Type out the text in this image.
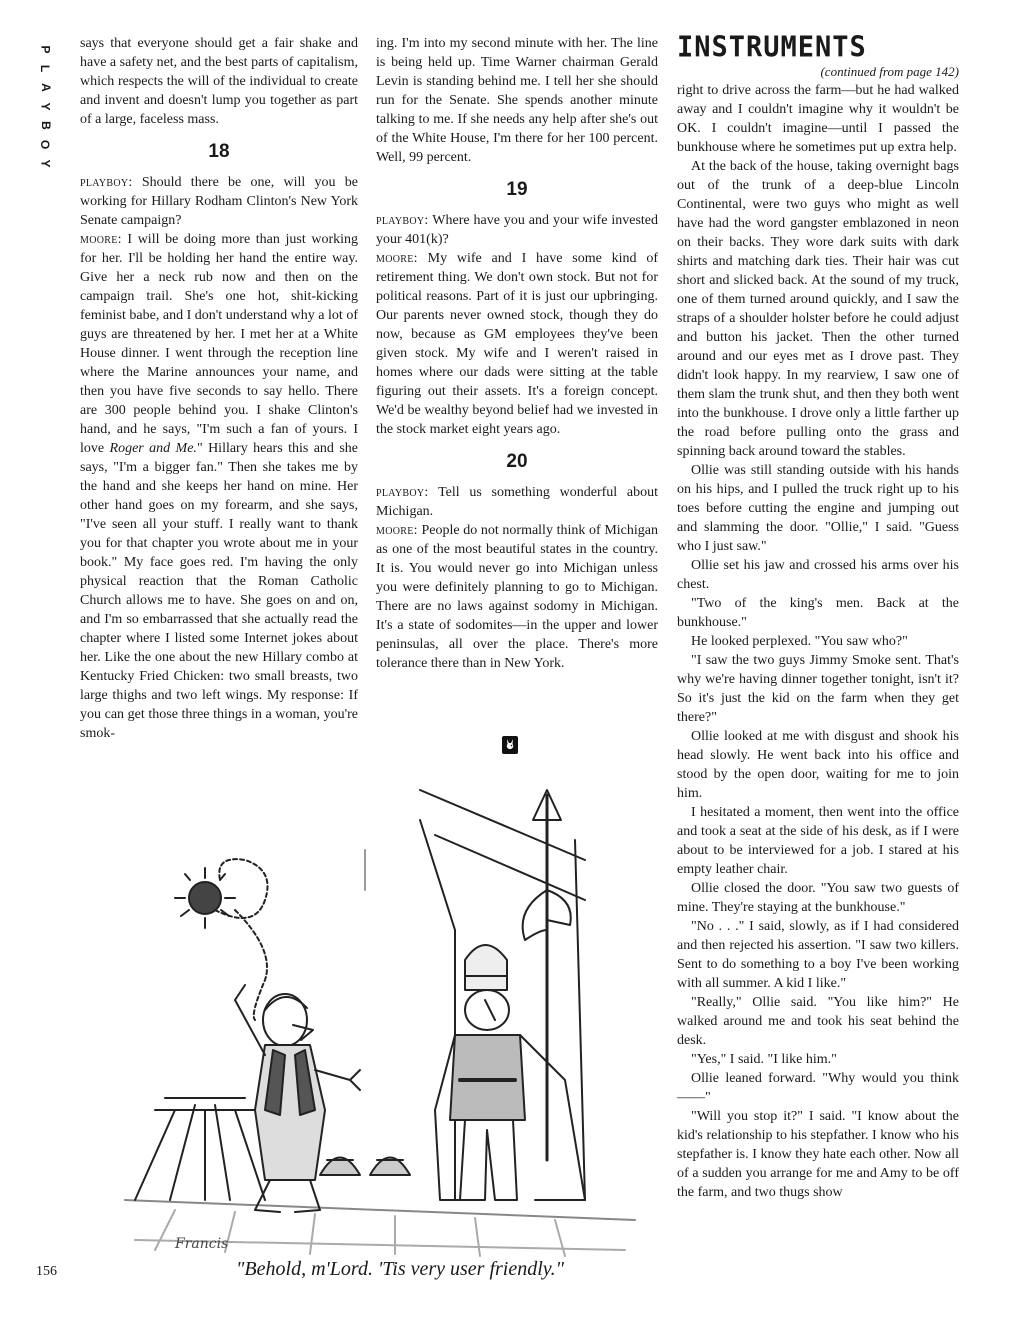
P
L
A
Y
B
O
Y

says that everyone should get a fair shake and have a safety net, and the best parts of capitalism, which respects the will of the individual to create and invent and doesn't lump you together as part of a large, faceless mass.

18

playboy: Should there be one, will you be working for Hillary Rodham Clinton's New York Senate campaign?

moore: I will be doing more than just working for her. I'll be holding her hand the entire way. Give her a neck rub now and then on the campaign trail. She's one hot, shit-kicking feminist babe, and I don't understand why a lot of guys are threatened by her. I met her at a White House dinner. I went through the reception line where the Marine announces your name, and then you have five seconds to say hello. There are 300 people behind you. I shake Clinton's hand, and he says, "I'm such a fan of yours. I love Roger and Me." Hillary hears this and she says, "I'm a bigger fan." Then she takes me by the hand and she keeps her hand on mine. Her other hand goes on my forearm, and she says, "I've seen all your stuff. I really want to thank you for that chapter you wrote about me in your book." My face goes red. I'm having the only physical reaction that the Roman Catholic Church allows me to have. She goes on and on, and I'm so embarrassed that she actually read the chapter where I listed some Internet jokes about her. Like the one about the new Hillary combo at Kentucky Fried Chicken: two small breasts, two large thighs and two left wings. My response: If you can get those three things in a woman, you're smok-

ing. I'm into my second minute with her. The line is being held up. Time Warner chairman Gerald Levin is standing behind me. I tell her she should run for the Senate. She spends another minute talking to me. If she needs any help after she's out of the White House, I'm there for her 100 percent. Well, 99 percent.

19

playboy: Where have you and your wife invested your 401(k)?

moore: My wife and I have some kind of retirement thing. We don't own stock. But not for political reasons. Part of it is just our upbringing. Our parents never owned stock, though they do now, because as GM employees they've been given stock. My wife and I weren't raised in homes where our dads were sitting at the table figuring out their assets. It's a foreign concept. We'd be wealthy beyond belief had we invested in the stock market eight years ago.

20

playboy: Tell us something wonderful about Michigan.

moore: People do not normally think of Michigan as one of the most beautiful states in the country. It is. You would never go into Michigan unless you were definitely planning to go to Michigan. There are no laws against sodomy in Michigan. It's a state of sodomites—in the upper and lower peninsulas, all over the place. There's more tolerance there than in New York.

INSTRUMENTS
(continued from page 142)

right to drive across the farm—but he had walked away and I couldn't imagine why it wouldn't be OK. I couldn't imagine—until I passed the bunkhouse where he sometimes put up extra help.

At the back of the house, taking overnight bags out of the trunk of a deep-blue Lincoln Continental, were two guys who might as well have had the word gangster emblazoned in neon on their backs. They wore dark suits with dark shirts and matching dark ties. Their hair was cut short and slicked back. At the sound of my truck, one of them turned around quickly, and I saw the straps of a shoulder holster before he could adjust and button his jacket. Then the other turned around and our eyes met as I drove past. They didn't look happy. In my rearview, I saw one of them slam the trunk shut, and then they both went into the bunkhouse. I drove only a little farther up the road before pulling onto the grass and spinning back around toward the stables.

Ollie was still standing outside with his hands on his hips, and I pulled the truck right up to his toes before cutting the engine and jumping out and slamming the door. "Ollie," I said. "Guess who I just saw."

Ollie set his jaw and crossed his arms over his chest.

"Two of the king's men. Back at the bunkhouse."

He looked perplexed. "You saw who?"

"I saw the two guys Jimmy Smoke sent. That's why we're having dinner together tonight, isn't it? So it's just the kid on the farm when they get there?"

Ollie looked at me with disgust and shook his head slowly. He went back into his office and stood by the open door, waiting for me to join him.

I hesitated a moment, then went into the office and took a seat at the side of his desk, as if I were about to be interviewed for a job. I stared at his empty leather chair.

Ollie closed the door. "You saw two guests of mine. They're staying at the bunkhouse."

"No . . ." I said, slowly, as if I had considered and then rejected his assertion. "I saw two killers. Sent to do something to a boy I've been working with all summer. A kid I like."

"Really," Ollie said. "You like him?" He walked around me and took his seat behind the desk.

"Yes," I said. "I like him."

Ollie leaned forward. "Why would you think——"

"Will you stop it?" I said. "I know about the kid's relationship to his stepfather. I know who his stepfather is. I know they hate each other. Now all of a sudden you arrange for me and Amy to be off the farm, and two thugs show

Francis
156	"Behold, m'Lord. 'Tis very user friendly."
